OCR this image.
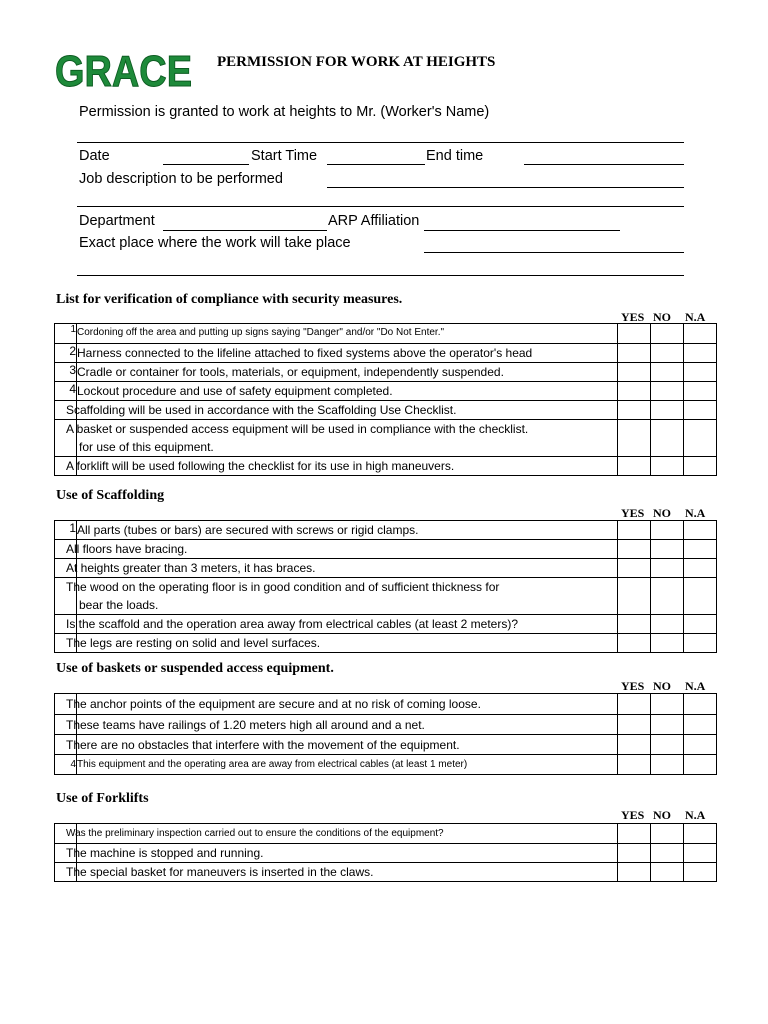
GRACE PERMISSION FOR WORK AT HEIGHTS
Permission is granted to work at heights to Mr. (Worker's Name)
Date	Start Time	End time
Job description to be performed
Department	ARP Affiliation
Exact place where the work will take place
List for verification of compliance with security measures.
YES NO N.A
1	Cordoning off the area and putting up signs saying "Danger" and/or "Do Not Enter."			
2	Harness connected to the lifeline attached to fixed systems above the operator's head			
3	Cradle or container for tools, materials, or equipment, independently suspended.			
4	Lockout procedure and use of safety equipment completed.			
	Scaffolding will be used in accordance with the Scaffolding Use Checklist.			
	A basket or suspended access equipment will be used in compliance with the checklist.
for use of this equipment.			

	A forklift will be used following the checklist for its use in high maneuvers.			
Use of Scaffolding
YES NO N.A
1	All parts (tubes or bars) are secured with screws or rigid clamps.			
	All floors have bracing.			
	At heights greater than 3 meters, it has braces.			
	The wood on the operating floor is in good condition and of sufficient thickness for
bear the loads.			

	Is the scaffold and the operation area away from electrical cables (at least 2 meters)?			
	The legs are resting on solid and level surfaces.			
Use of baskets or suspended access equipment.
YES NO N.A
	The anchor points of the equipment are secure and at no risk of coming loose.			
	These teams have railings of 1.20 meters high all around and a net.			
	There are no obstacles that interfere with the movement of the equipment.			
4	This equipment and the operating area are away from electrical cables (at least 1 meter)			
Use of Forklifts
YES NO N.A
	Was the preliminary inspection carried out to ensure the conditions of the equipment?			
	The machine is stopped and running.			
	The special basket for maneuvers is inserted in the claws.			
